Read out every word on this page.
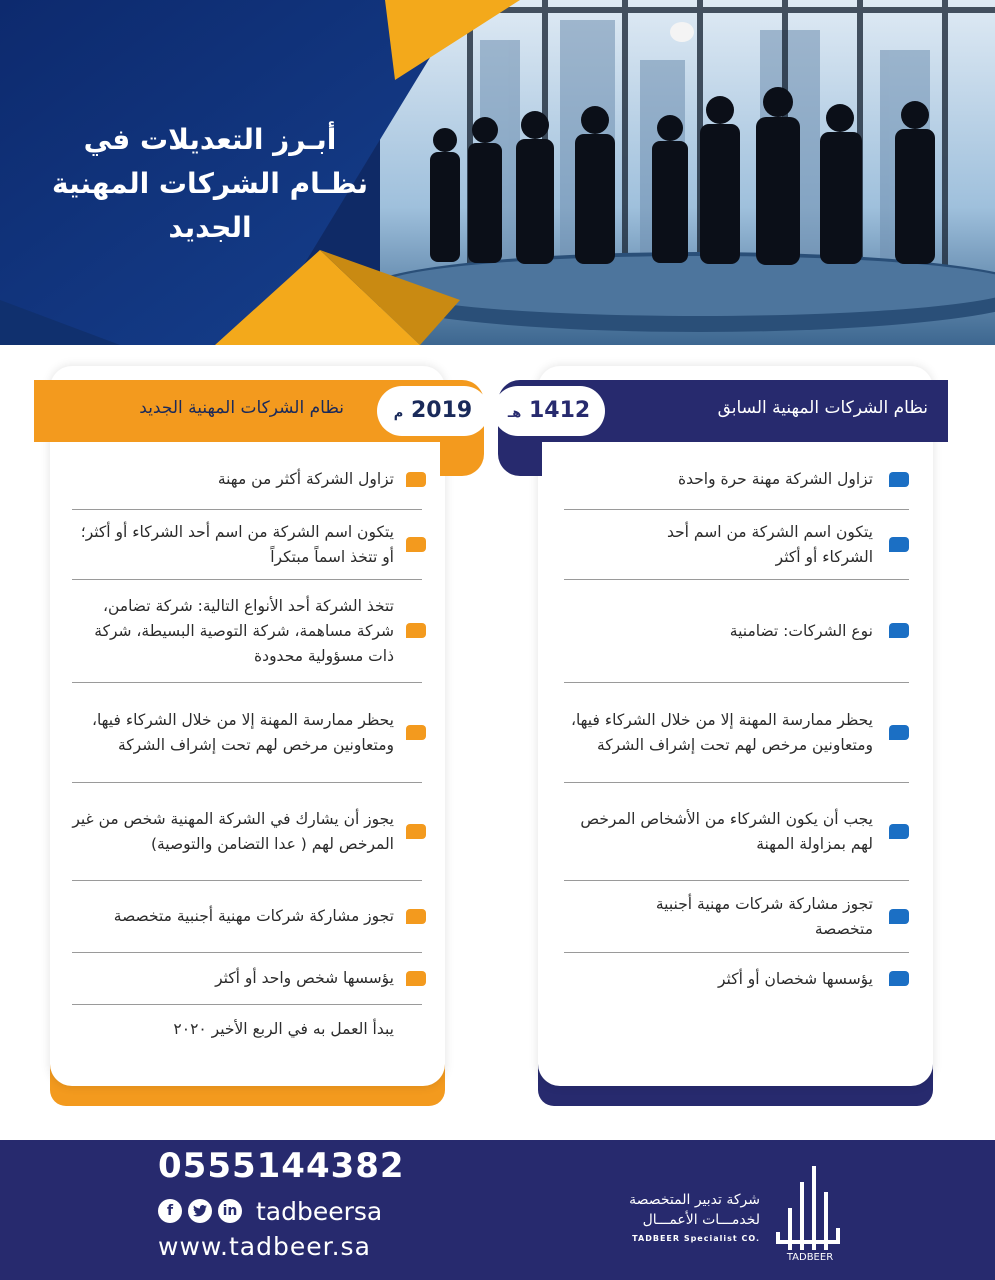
أبـرز التعديلات في نظـام الشركات المهنية الجديد
نظام الشركات المهنية السابق
1412 هـ
تزاول الشركة مهنة حرة واحدة
يتكون اسم الشركة من اسم أحد الشركاء أو أكثر
نوع الشركات: تضامنية
يحظر ممارسة المهنة إلا من خلال الشركاء فيها، ومتعاونين مرخص لهم تحت إشراف الشركة
يجب أن يكون الشركاء من الأشخاص المرخص لهم بمزاولة المهنة
تجوز مشاركة شركات مهنية أجنبية متخصصة
يؤسسها شخصان أو أكثر
نظام الشركات المهنية الجديد	2019 م
تزاول الشركة أكثر من مهنة
يتكون اسم الشركة من اسم أحد الشركاء أو أكثر؛ أو تتخذ اسماً مبتكراً
تتخذ الشركة أحد الأنواع التالية: شركة تضامن، شركة مساهمة، شركة التوصية البسيطة، شركة ذات مسؤولية محدودة
يحظر ممارسة المهنة إلا من خلال الشركاء فيها، ومتعاونين مرخص لهم تحت إشراف الشركة
يجوز أن يشارك في الشركة المهنية شخص من غير المرخص لهم ( عدا التضامن والتوصية)
تجوز مشاركة شركات مهنية أجنبية متخصصة
يؤسسها شخص واحد أو أكثر
يبدأ العمل به في الربع الأخير ٢٠٢٠
0555144382
f	in tadbeersa
www.tadbeer.sa
شركة تدبير المتخصصة
لخدمـــات الأعمـــال
TADBEER Specialist CO.
TADBEER
